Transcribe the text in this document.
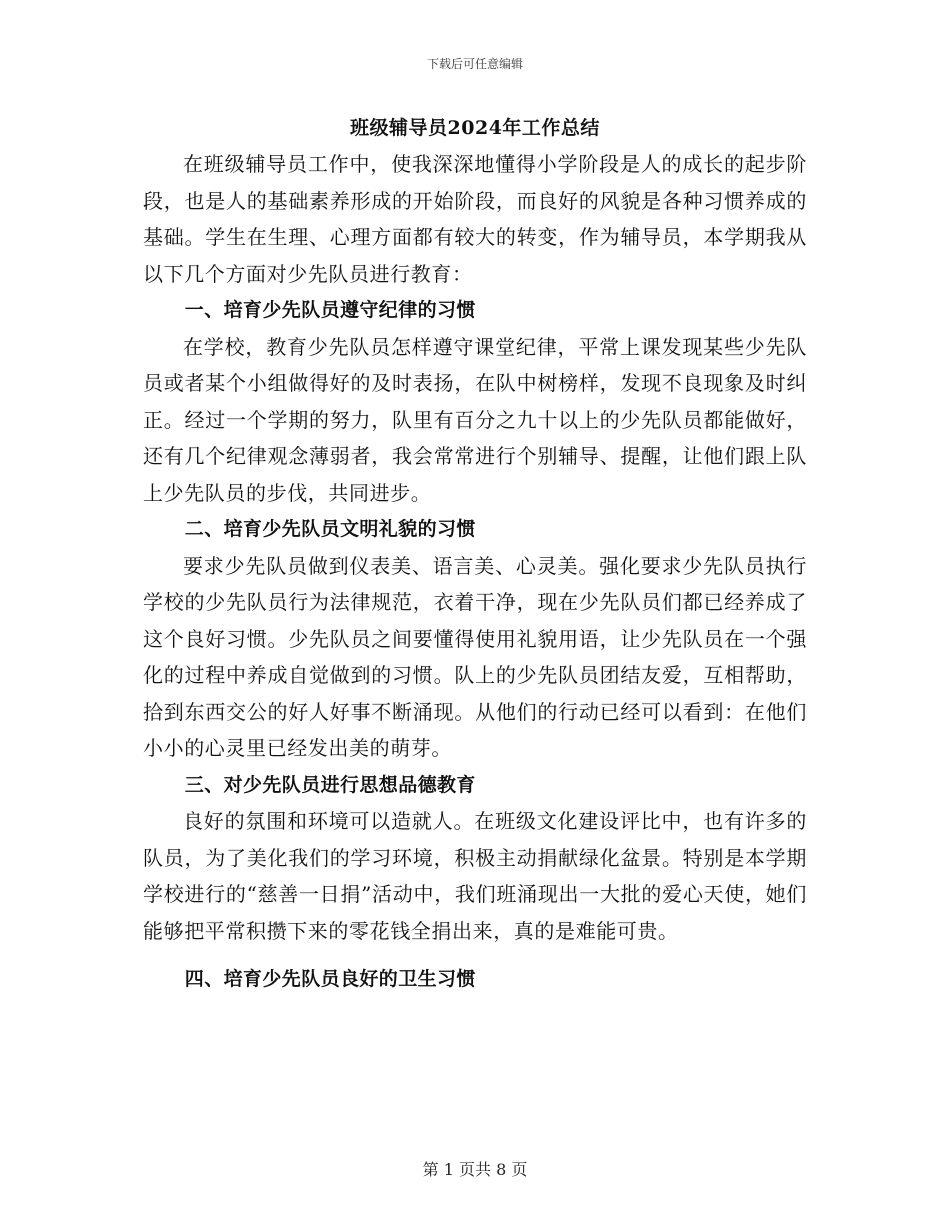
下载后可任意编辑
班级辅导员2024年工作总结

在班级辅导员工作中，使我深深地懂得小学阶段是人的成长的起步阶段，也是人的基础素养形成的开始阶段，而良好的风貌是各种习惯养成的基础。学生在生理、心理方面都有较大的转变，作为辅导员，本学期我从以下几个方面对少先队员进行教育：

一、培育少先队员遵守纪律的习惯

在学校，教育少先队员怎样遵守课堂纪律，平常上课发现某些少先队员或者某个小组做得好的及时表扬，在队中树榜样，发现不良现象及时纠正。经过一个学期的努力，队里有百分之九十以上的少先队员都能做好，还有几个纪律观念薄弱者，我会常常进行个别辅导、提醒，让他们跟上队上少先队员的步伐，共同进步。

二、培育少先队员文明礼貌的习惯

要求少先队员做到仪表美、语言美、心灵美。强化要求少先队员执行学校的少先队员行为法律规范，衣着干净，现在少先队员们都已经养成了这个良好习惯。少先队员之间要懂得使用礼貌用语，让少先队员在一个强化的过程中养成自觉做到的习惯。队上的少先队员团结友爱，互相帮助，拾到东西交公的好人好事不断涌现。从他们的行动已经可以看到：在他们小小的心灵里已经发出美的萌芽。

三、对少先队员进行思想品德教育

良好的氛围和环境可以造就人。在班级文化建设评比中，也有许多的队员，为了美化我们的学习环境，积极主动捐献绿化盆景。特别是本学期学校进行的“慈善一日捐”活动中，我们班涌现出一大批的爱心天使，她们能够把平常积攒下来的零花钱全捐出来，真的是难能可贵。

四、培育少先队员良好的卫生习惯
第 1 页共 8 页
